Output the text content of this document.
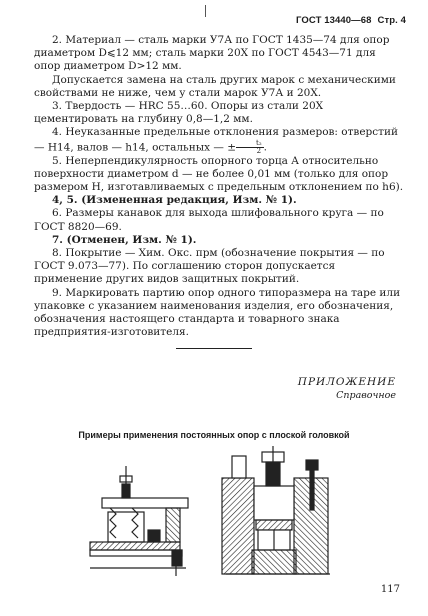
ГОСТ 13440—68 Стр. 4

2. Материал — сталь марки У7А по ГОСТ 1435—74 для опор диаметром D⩽12 мм; сталь марки 20Х по ГОСТ 4543—71 для опор диаметром D>12 мм.

Допускается замена на сталь других марок с механическими свойствами не ниже, чем у стали марок У7А и 20Х.

3. Твердость — HRC 55…60. Опоры из стали 20Х цементировать на глубину 0,8—1,2 мм.

4. Неуказанные предельные отклонения размеров: отверстий — H14, валов — h14, остальных — ± $\frac{\text{t₂}}{2}$ .

5. Неперпендикулярность опорного торца A относительно поверхности диаметром d — не более 0,01 мм (только для опор размером H, изготавливаемых с предельным отклонением по h6).

4, 5. (Измененная редакция, Изм. № 1).

6. Размеры канавок для выхода шлифовального круга — по ГОСТ 8820—69.

7. (Отменен, Изм. № 1).

8. Покрытие — Хим. Окс. прм (обозначение покрытия — по ГОСТ 9.073—77). По соглашению сторон допускается применение других видов защитных покрытий.

9. Маркировать партию опор одного типоразмера на таре или упаковке с указанием наименования изделия, его обозначения, обозначения настоящего стандарта и товарного знака предприятия-изготовителя.

ПРИЛОЖЕНИЕ
Справочное
Примеры применения постоянных опор с плоской головкой
117
